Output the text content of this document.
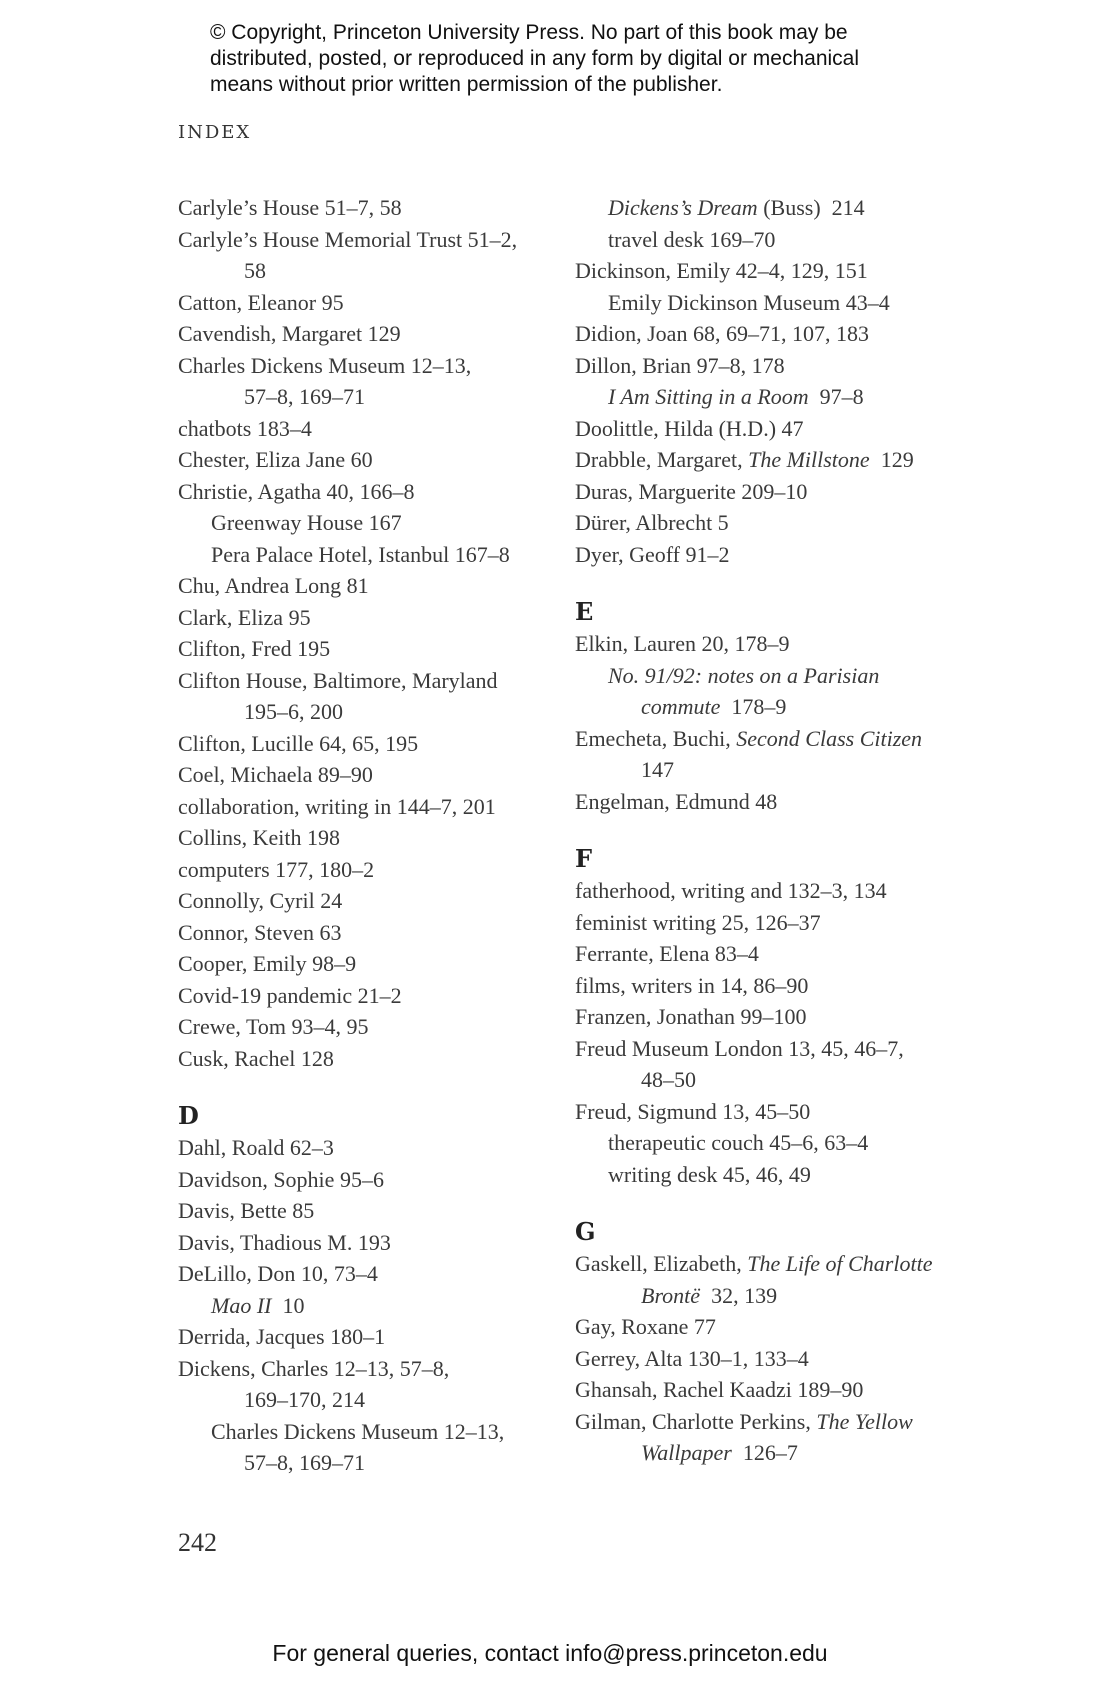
© Copyright, Princeton University Press. No part of this book may be
distributed, posted, or reproduced in any form by digital or mechanical
means without prior written permission of the publisher.
INDEX
Carlyle’s House 51–7, 58
Carlyle’s House Memorial Trust 51–2,
58
Catton, Eleanor 95
Cavendish, Margaret 129
Charles Dickens Museum 12–13,
57–8, 169–71
chatbots 183–4
Chester, Eliza Jane 60
Christie, Agatha 40, 166–8
Greenway House 167
Pera Palace Hotel, Istanbul 167–8
Chu, Andrea Long 81
Clark, Eliza 95
Clifton, Fred 195
Clifton House, Baltimore, Maryland
195–6, 200
Clifton, Lucille 64, 65, 195
Coel, Michaela 89–90
collaboration, writing in 144–7, 201
Collins, Keith 198
computers 177, 180–2
Connolly, Cyril 24
Connor, Steven 63
Cooper, Emily 98–9
Covid-19 pandemic 21–2
Crewe, Tom 93–4, 95
Cusk, Rachel 128
D
Dahl, Roald 62–3
Davidson, Sophie 95–6
Davis, Bette 85
Davis, Thadious M. 193
DeLillo, Don 10, 73–4
Mao II  10
Derrida, Jacques 180–1
Dickens, Charles 12–13, 57–8,
169–170, 214
Charles Dickens Museum 12–13,
57–8, 169–71
Dickens’s Dream (Buss)  214
travel desk 169–70
Dickinson, Emily 42–4, 129, 151
Emily Dickinson Museum 43–4
Didion, Joan 68, 69–71, 107, 183
Dillon, Brian 97–8, 178
I Am Sitting in a Room  97–8
Doolittle, Hilda (H.D.) 47
Drabble, Margaret, The Millstone  129
Duras, Marguerite 209–10
Dürer, Albrecht 5
Dyer, Geoff 91–2
E
Elkin, Lauren 20, 178–9
No. 91/92: notes on a Parisian
commute  178–9
Emecheta, Buchi, Second Class Citizen
147
Engelman, Edmund 48
F
fatherhood, writing and 132–3, 134
feminist writing 25, 126–37
Ferrante, Elena 83–4
films, writers in 14, 86–90
Franzen, Jonathan 99–100
Freud Museum London 13, 45, 46–7,
48–50
Freud, Sigmund 13, 45–50
therapeutic couch 45–6, 63–4
writing desk 45, 46, 49
G
Gaskell, Elizabeth, The Life of Charlotte
Brontë  32, 139
Gay, Roxane 77
Gerrey, Alta 130–1, 133–4
Ghansah, Rachel Kaadzi 189–90
Gilman, Charlotte Perkins, The Yellow
Wallpaper  126–7
242
For general queries, contact info@press.princeton.edu
